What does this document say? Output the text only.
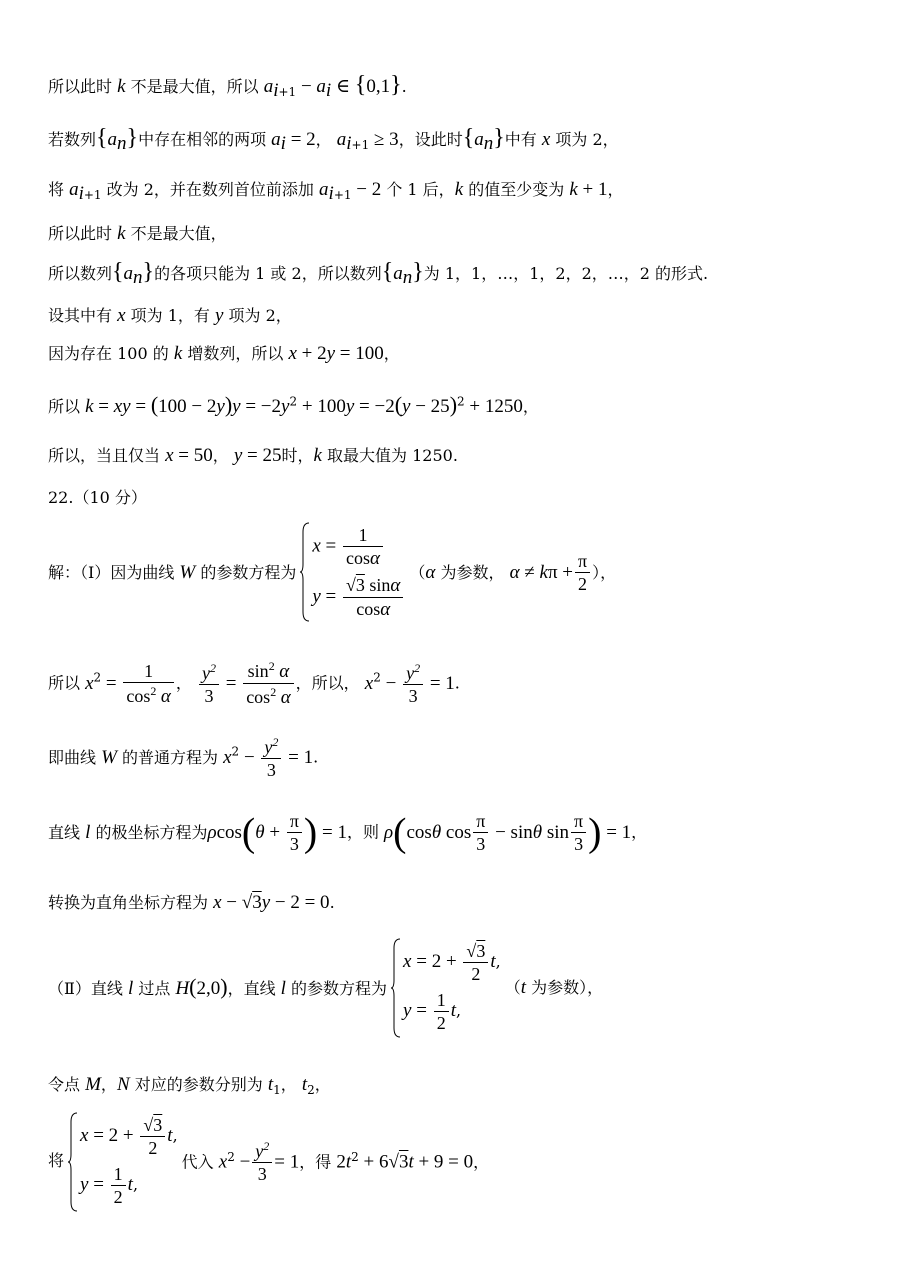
所以此时 k 不是最大值，所以 $a_{i+1} - a_i$ ∈ {0,1}.
若数列$\{a_n\}$中存在相邻的两项 $a_i = 2$， $a_{i+1} \ge 3$，设此时$\{a_n\}$中有 x 项为 2，
将 $a_{i+1}$ 改为 2，并在数列首位前添加 $a_{i+1} - 2$ 个 1 后，k 的值至少变为 k + 1，
所以此时 k 不是最大值，
所以数列$\{a_n\}$的各项只能为 1 或 2，所以数列$\{a_n\}$为 1，1，…，1，2，2，…，2 的形式.
设其中有 x 项为 1，有 y 项为 2，
因为存在 100 的 k 增数列，所以 x + 2y = 100，
所以 k = xy = $(100 - 2y)y = -2y^2 + 100y = -2(y - 25)^2 + 1250$，
所以，当且仅当 x = 50， y = 25时，k 取最大值为 1250.
22.（10 分）
解：（Ⅰ）因为曲线 W 的参数方程为
$x = \frac{1}{\cos\alpha}$
$y = \frac{√3 \sin\alpha}{\cos\alpha}$
（α 为参数， $\alpha \ne k\pi + \frac{\pi}{2}$ ），
所以 $x^2 = \frac{1}{\cos^2 \alpha}$ ， $\frac{y^2}{3} = \frac{\sin^2 \alpha}{\cos^2 \alpha}$ ，所以， $x^2 - \frac{y^2}{3} = 1$.
即曲线 W 的普通方程为 $x^2 - \frac{y^2}{3} = 1$.
直线 l 的极坐标方程为$\rho\cos(\theta + \frac{\pi}{3}$ ) = 1，则 ρ(cosθ $\cos \frac{\pi}{3} - \sin\theta$ $\sin \frac{\pi}{3}$ ) = 1，
转换为直角坐标方程为 x − √3y − 2 = 0.
（Ⅱ）直线 l 过点 H(2,0)，直线 l 的参数方程为
$x = 2 + \frac{√3}{2} t$,
$y = \frac{1}{2} t$,
（t 为参数），
令点 M，N 对应的参数分别为 $t_1$， $t_2$，
将
$x = 2 + \frac{√3}{2} t$,
$y = \frac{1}{2} t$,
代入 $x^2 - \frac{y^2}{3} = 1$，得 $2t^2 + 6√3t + 9 = 0$，
